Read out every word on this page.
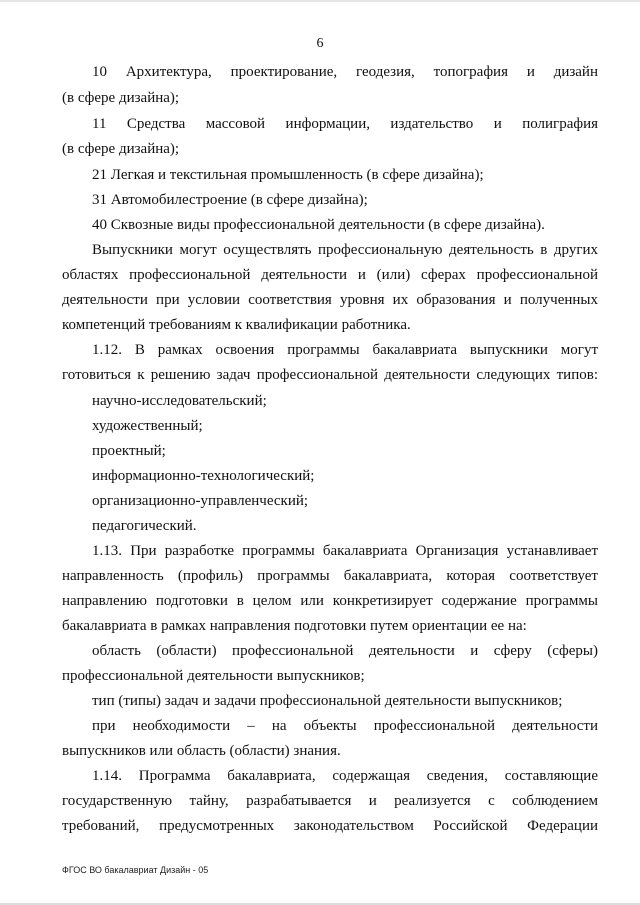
6
10 Архитектура, проектирование, геодезия, топография и дизайн
(в сфере дизайна);
11 Средства массовой информации, издательство и полиграфия
(в сфере дизайна);
21 Легкая и текстильная промышленность (в сфере дизайна);
31 Автомобилестроение (в сфере дизайна);
40 Сквозные виды профессиональной деятельности (в сфере дизайна).
Выпускники могут осуществлять профессиональную деятельность в других
областях профессиональной деятельности и (или) сферах профессиональной
деятельности при условии соответствия уровня их образования и полученных
компетенций требованиям к квалификации работника.
1.12. В рамках освоения программы бакалавриата выпускники могут
готовиться к решению задач профессиональной деятельности следующих типов:
научно-исследовательский;
художественный;
проектный;
информационно-технологический;
организационно-управленческий;
педагогический.
1.13. При разработке программы бакалавриата Организация устанавливает
направленность (профиль) программы бакалавриата, которая соответствует
направлению подготовки в целом или конкретизирует содержание программы
бакалавриата в рамках направления подготовки путем ориентации ее на:
область (области) профессиональной деятельности и сферу (сферы)
профессиональной деятельности выпускников;
тип (типы) задач и задачи профессиональной деятельности выпускников;
при необходимости – на объекты профессиональной деятельности
выпускников или область (области) знания.
1.14. Программа бакалавриата, содержащая сведения, составляющие
государственную тайну, разрабатывается и реализуется с соблюдением
требований, предусмотренных законодательством Российской Федерации
ФГОС ВО бакалавриат Дизайн - 05
